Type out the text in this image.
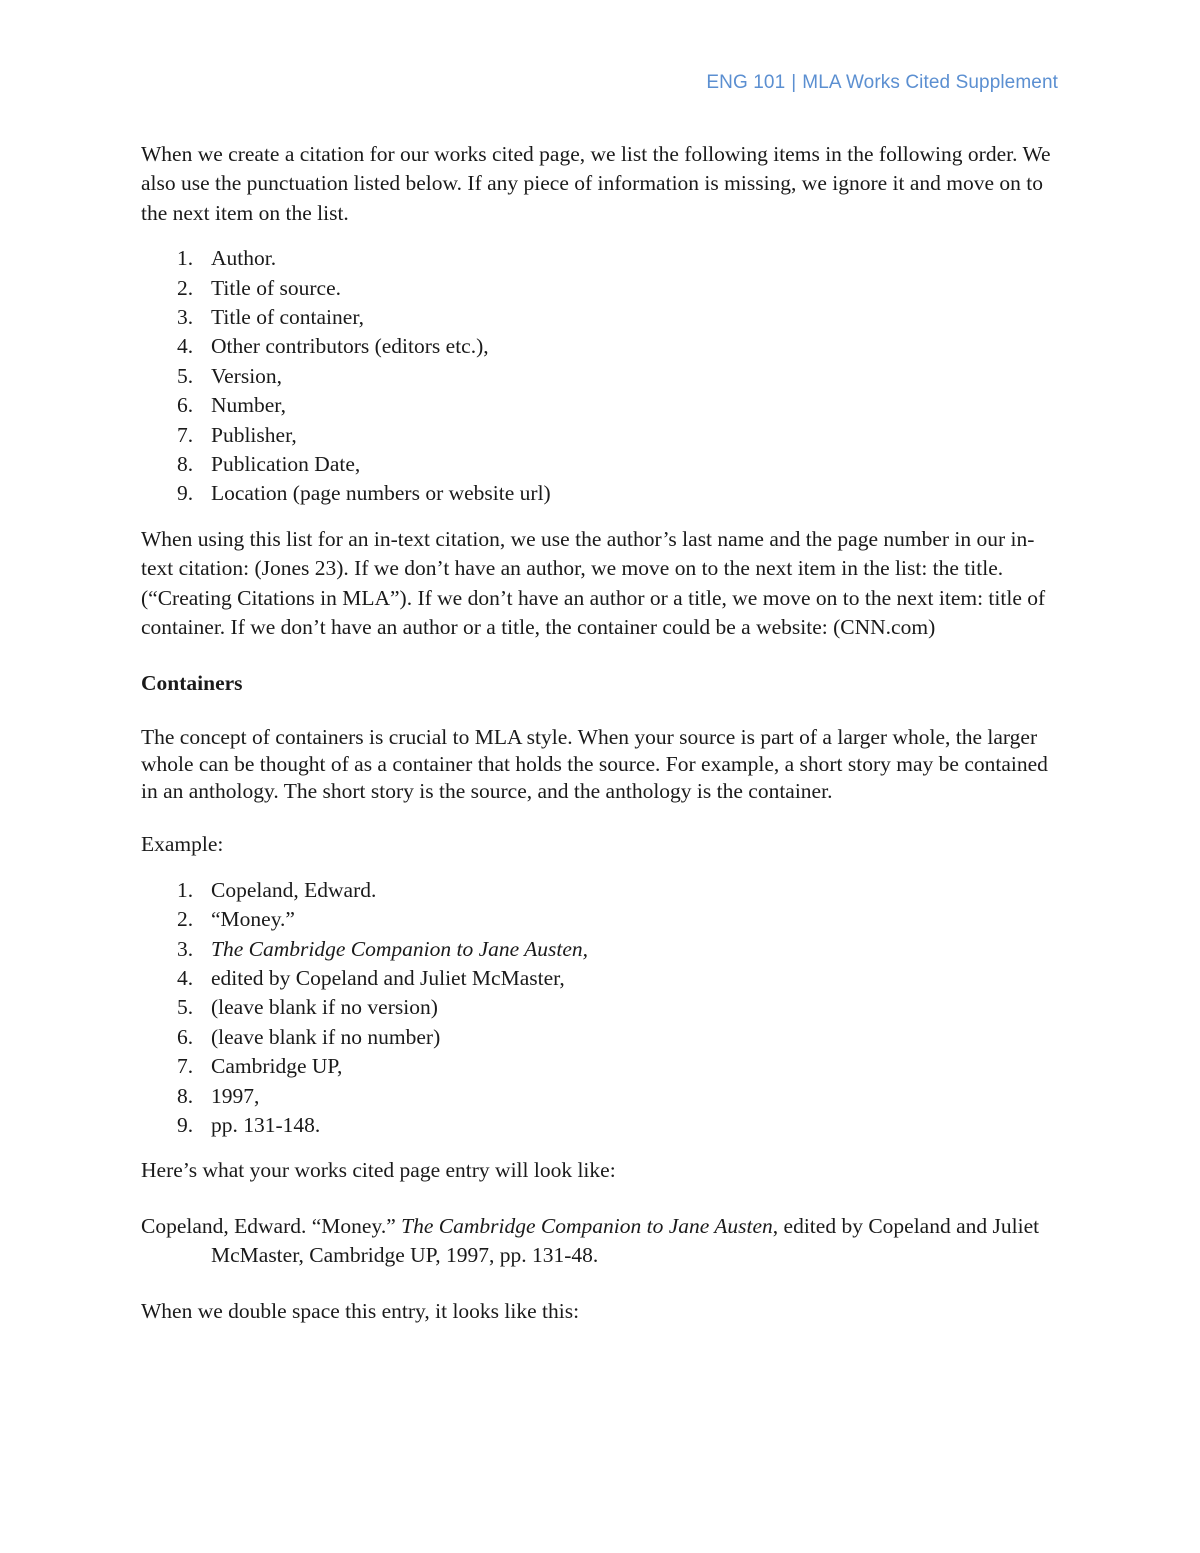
ENG 101 | MLA Works Cited Supplement

When we create a citation for our works cited page, we list the following items in the following order. We also use the punctuation listed below. If any piece of information is missing, we ignore it and move on to the next item on the list.

1. Author.
2. Title of source.
3. Title of container,
4. Other contributors (editors etc.),
5. Version,
6. Number,
7. Publisher,
8. Publication Date,
9. Location (page numbers or website url)

When using this list for an in-text citation, we use the author’s last name and the page number in our in-text citation: (Jones 23). If we don’t have an author, we move on to the next item in the list: the title. (“Creating Citations in MLA”). If we don’t have an author or a title, we move on to the next item: title of container. If we don’t have an author or a title, the container could be a website: (CNN.com)

Containers

The concept of containers is crucial to MLA style. When your source is part of a larger whole, the larger whole can be thought of as a container that holds the source. For example, a short story may be contained in an anthology. The short story is the source, and the anthology is the container.

Example:

1. Copeland, Edward.
2. “Money.”
3. The Cambridge Companion to Jane Austen,
4. edited by Copeland and Juliet McMaster,
5. (leave blank if no version)
6. (leave blank if no number)
7. Cambridge UP,
8. 1997,
9. pp. 131-148.

Here’s what your works cited page entry will look like:

Copeland, Edward. “Money.” The Cambridge Companion to Jane Austen, edited by Copeland and Juliet McMaster, Cambridge UP, 1997, pp. 131-48.

When we double space this entry, it looks like this:
